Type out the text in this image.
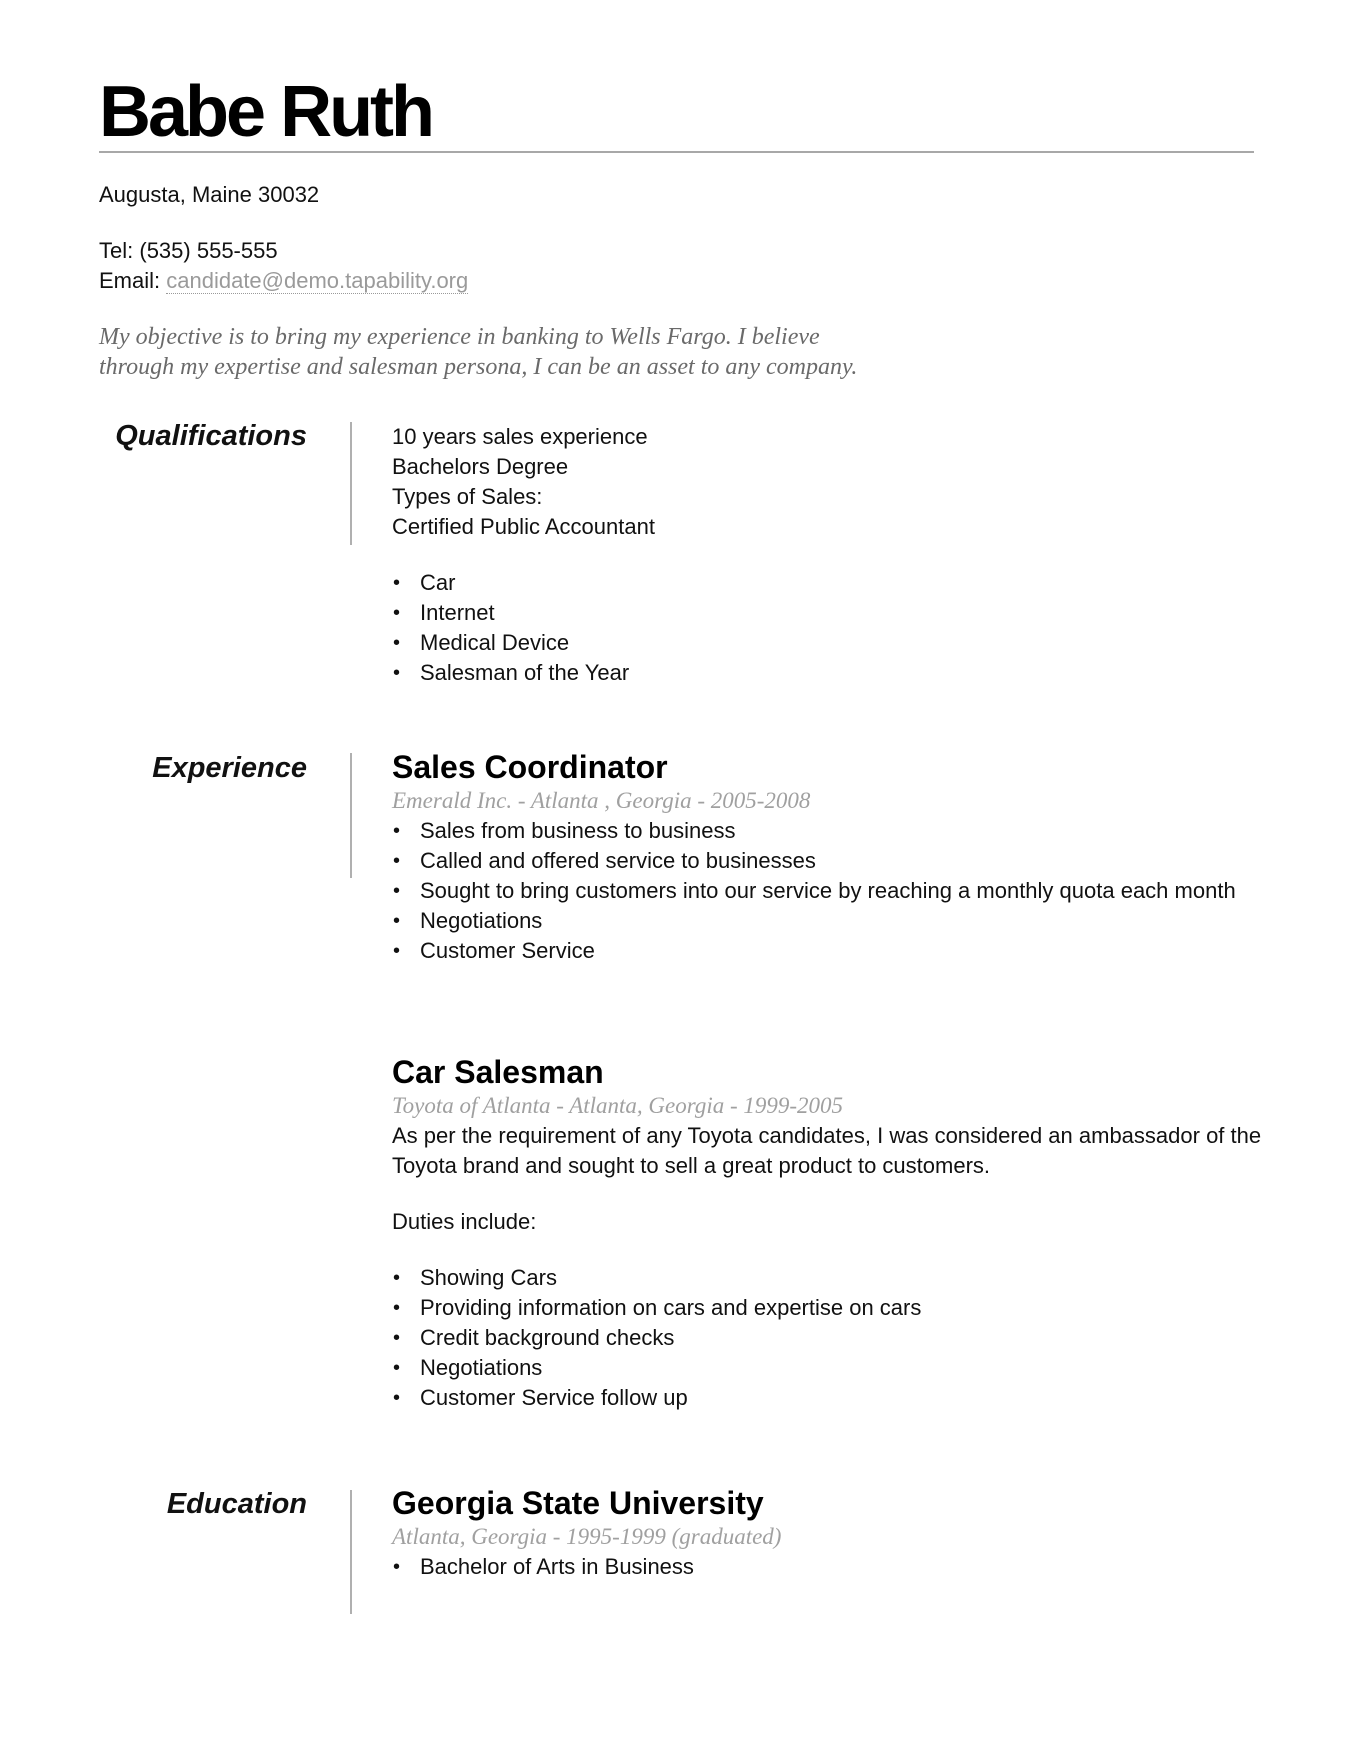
Babe Ruth
Augusta, Maine 30032
Tel: (535) 555-555
Email: candidate@demo.tapability.org
My objective is to bring my experience in banking to Wells Fargo. I believe
through my expertise and salesman persona, I can be an asset to any company.
Qualifications	10 years sales experience
Bachelors Degree
Types of Sales:
Certified Public Accountant
• Car
• Internet
• Medical Device
• Salesman of the Year
Experience	Sales Coordinator

Emerald Inc. - Atlanta , Georgia - 2005-2008

• Sales from business to business
• Called and offered service to businesses
• Sought to bring customers into our service by reaching a monthly quota each month
• Negotiations
• Customer Service
Car Salesman

Toyota of Atlanta - Atlanta, Georgia - 1999-2005

As per the requirement of any Toyota candidates, I was considered an ambassador of the Toyota brand and sought to sell a great product to customers.

Duties include:

• Showing Cars
• Providing information on cars and expertise on cars
• Credit background checks
• Negotiations
• Customer Service follow up
Education	Georgia State University

Atlanta, Georgia - 1995-1999 (graduated)

• Bachelor of Arts in Business
